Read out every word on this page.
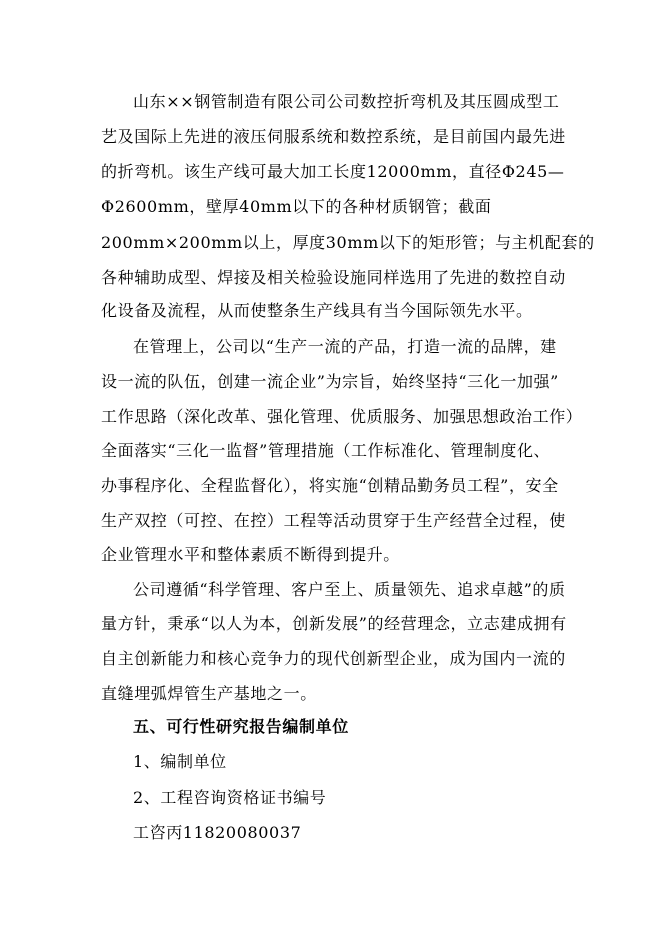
山东××钢管制造有限公司公司数控折弯机及其压圆成型工
艺及国际上先进的液压伺服系统和数控系统，是目前国内最先进
的折弯机。该生产线可最大加工长度12000mm，直径Φ245—
Φ2600mm，壁厚40mm以下的各种材质钢管；截面
200mm×200mm以上，厚度30mm以下的矩形管；与主机配套的
各种辅助成型、焊接及相关检验设施同样选用了先进的数控自动
化设备及流程，从而使整条生产线具有当今国际领先水平。
在管理上，公司以“生产一流的产品，打造一流的品牌，建
设一流的队伍，创建一流企业”为宗旨，始终坚持“三化一加强”
工作思路（深化改革、强化管理、优质服务、加强思想政治工作）
全面落实“三化一监督”管理措施（工作标准化、管理制度化、
办事程序化、全程监督化），将实施“创精品勤务员工程”，安全
生产双控（可控、在控）工程等活动贯穿于生产经营全过程，使
企业管理水平和整体素质不断得到提升。
公司遵循“科学管理、客户至上、质量领先、追求卓越”的质
量方针，秉承“以人为本，创新发展”的经营理念，立志建成拥有
自主创新能力和核心竞争力的现代创新型企业，成为国内一流的
直缝埋弧焊管生产基地之一。
五、可行性研究报告编制单位
1、编制单位
2、工程咨询资格证书编号
工咨丙11820080037
